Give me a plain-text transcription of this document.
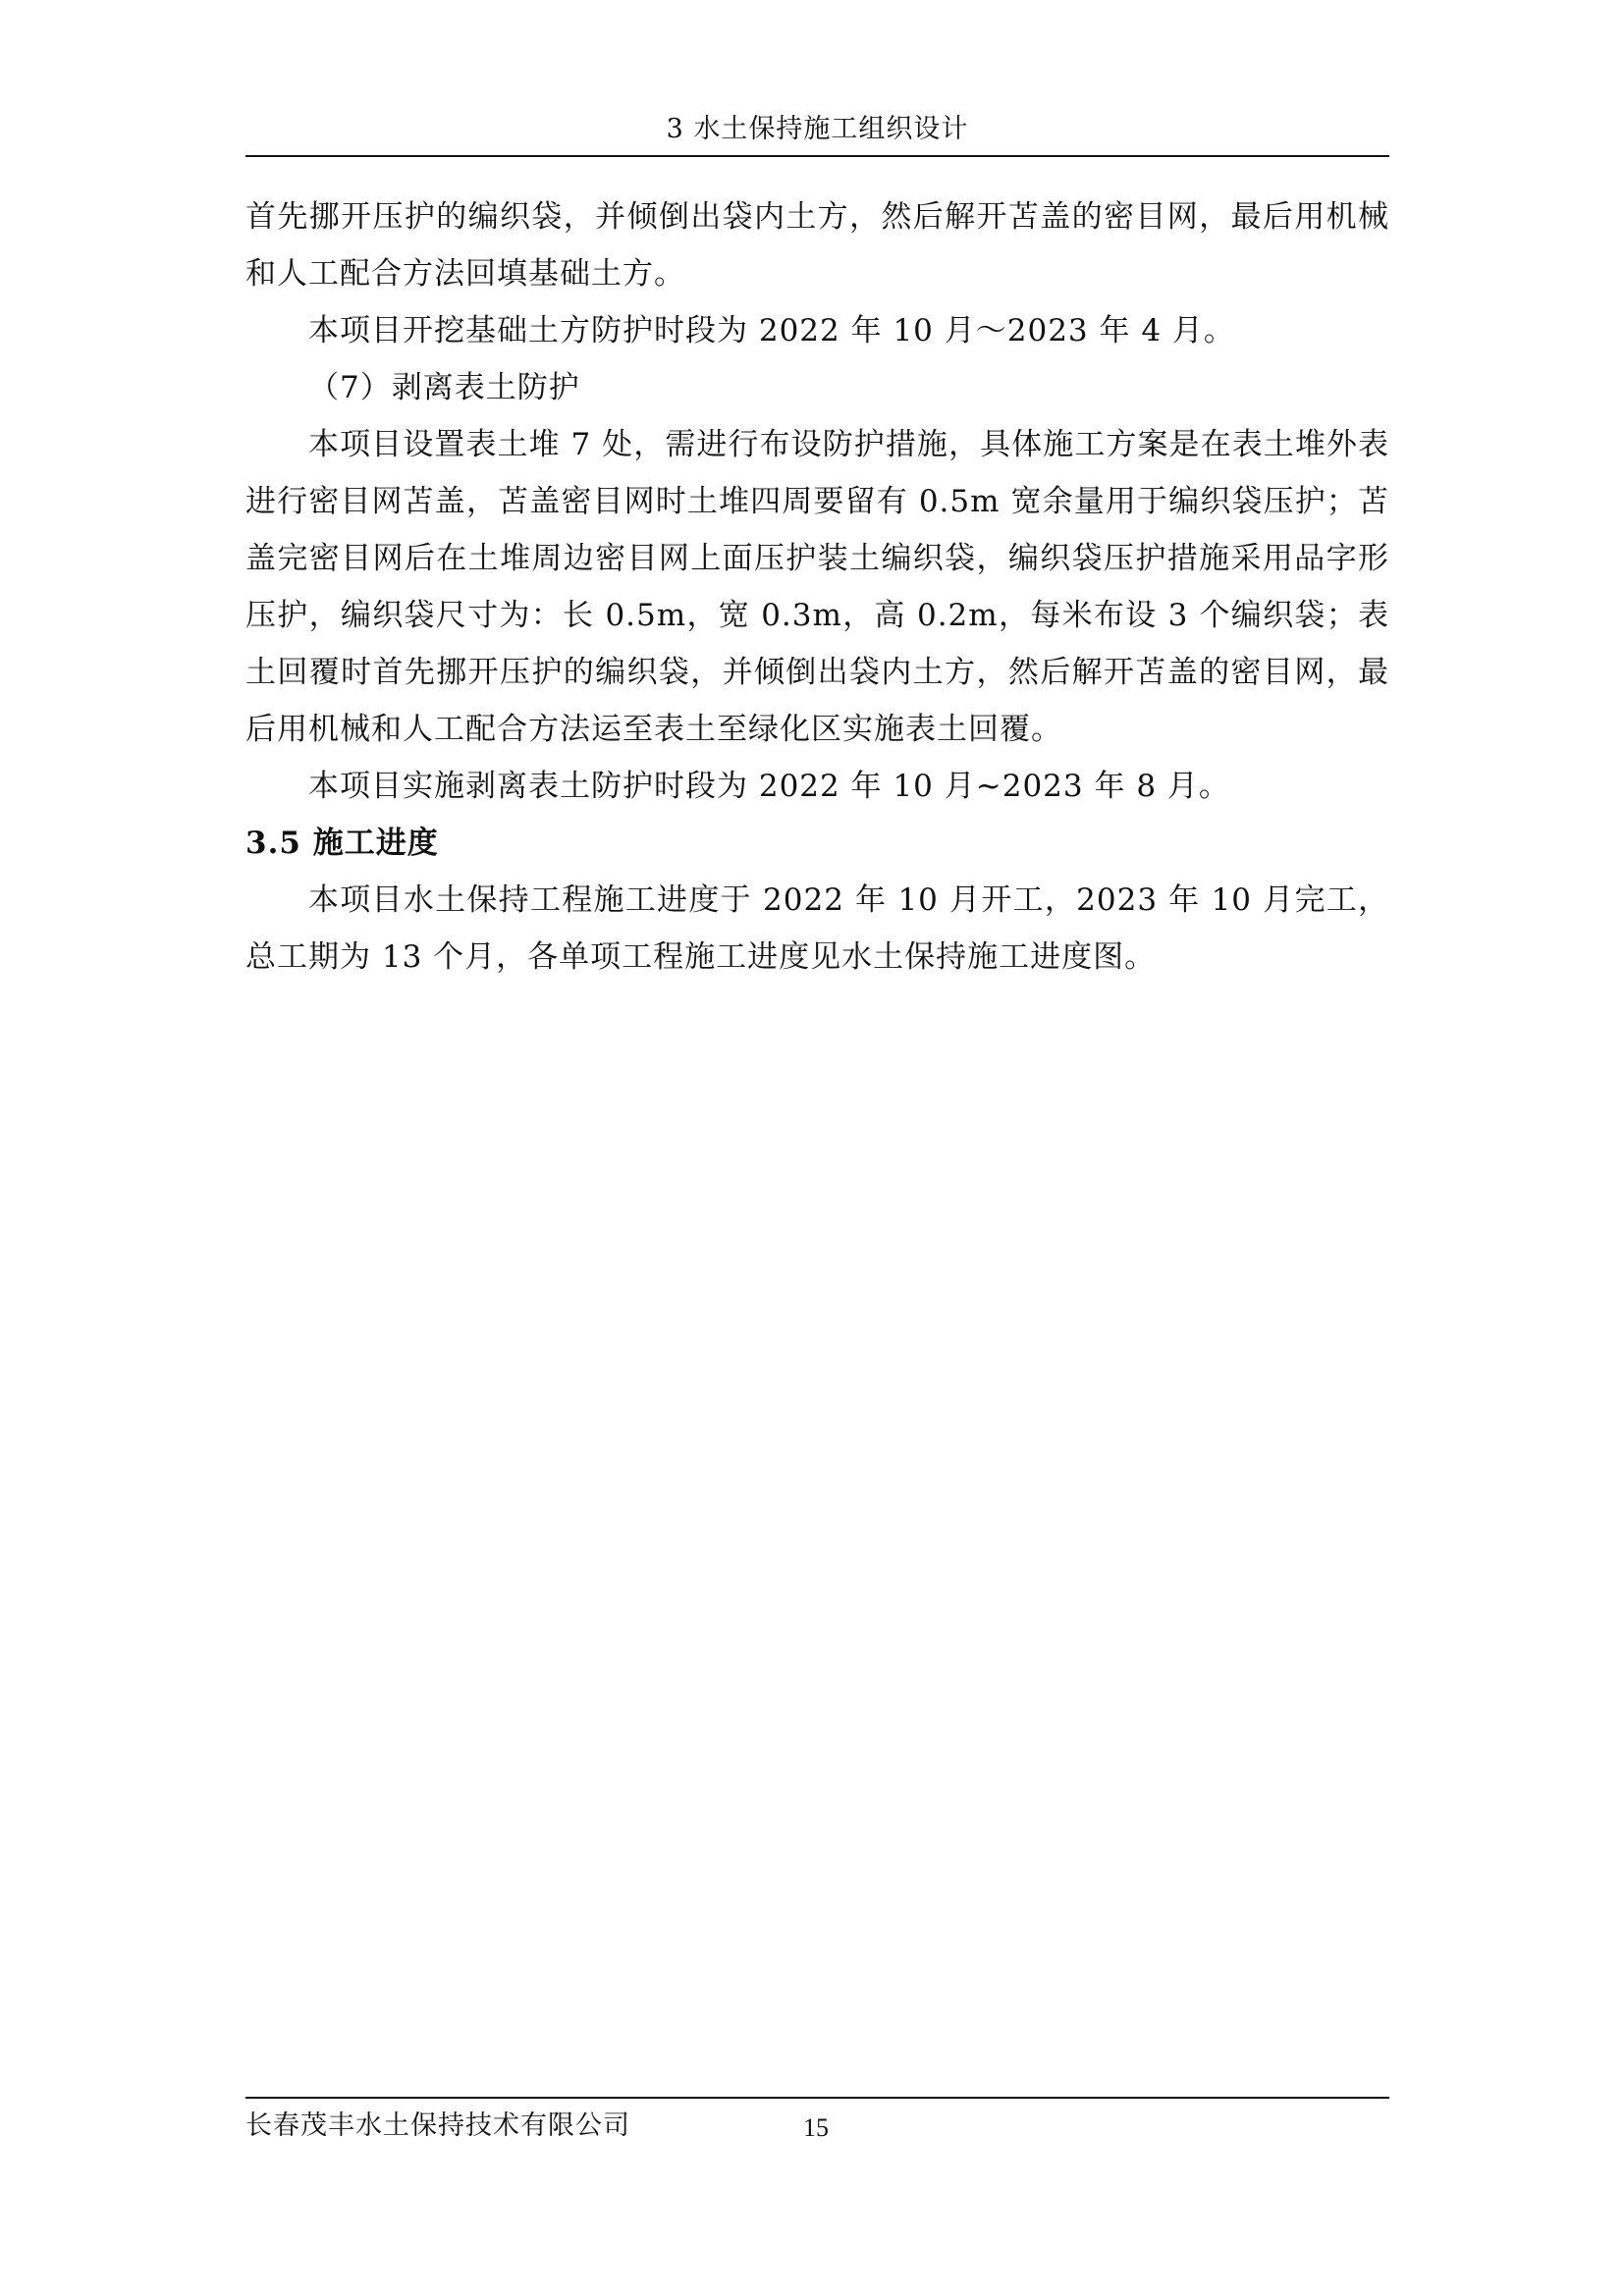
3 水土保持施工组织设计

首先挪开压护的编织袋，并倾倒出袋内土方，然后解开苫盖的密目网，最后用机械和人工配合方法回填基础土方。

本项目开挖基础土方防护时段为 2022 年 10 月～2023 年 4 月。

（7）剥离表土防护

本项目设置表土堆 7 处，需进行布设防护措施，具体施工方案是在表土堆外表进行密目网苫盖，苫盖密目网时土堆四周要留有 0.5m 宽余量用于编织袋压护；苫盖完密目网后在土堆周边密目网上面压护装土编织袋，编织袋压护措施采用品字形压护，编织袋尺寸为：长 0.5m，宽 0.3m，高 0.2m，每米布设 3 个编织袋；表土回覆时首先挪开压护的编织袋，并倾倒出袋内土方，然后解开苫盖的密目网，最后用机械和人工配合方法运至表土至绿化区实施表土回覆。

本项目实施剥离表土防护时段为 2022 年 10 月~2023 年 8 月。

3.5 施工进度

本项目水土保持工程施工进度于 2022 年 10 月开工，2023 年 10 月完工，总工期为 13 个月，各单项工程施工进度见水土保持施工进度图。

长春茂丰水土保持技术有限公司	15
